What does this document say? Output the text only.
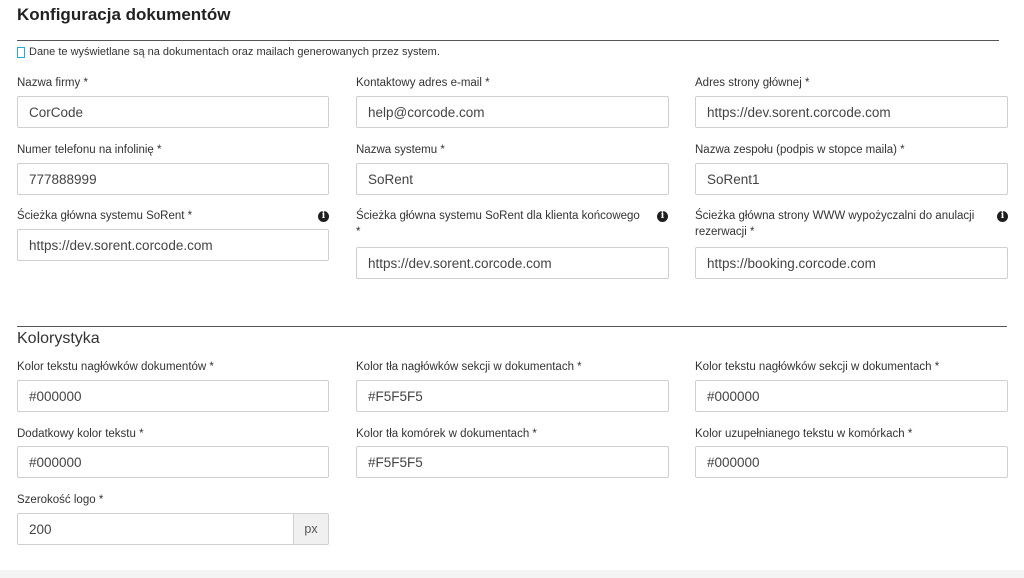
Konfiguracja dokumentów
Dane te wyświetlane są na dokumentach oraz mailach generowanych przez system.
Nazwa firmy *
CorCode	Kontaktowy adres e-mail *
help@corcode.com	Adres strony głównej *
https://dev.sorent.corcode.com
Numer telefonu na infolinię *
777888999	Nazwa systemu *
SoRent	Nazwa zespołu (podpis w stopce maila) *
SoRent1
Ścieżka główna systemu SoRent *	i
https://dev.sorent.corcode.com	Ścieżka główna systemu SoRent dla klienta końcowego
*
i
https://dev.sorent.corcode.com	Ścieżka główna strony WWW wypożyczalni do anulacji
rezerwacji *
i
https://booking.corcode.com
Kolorystyka
Kolor tekstu nagłówków dokumentów *
#000000	Kolor tła nagłówków sekcji w dokumentach *
#F5F5F5	Kolor tekstu nagłówków sekcji w dokumentach *
#000000
Dodatkowy kolor tekstu *
#000000	Kolor tła komórek w dokumentach *
#F5F5F5	Kolor uzupełnianego tekstu w komórkach *
#000000
Szerokość logo *
200
px
